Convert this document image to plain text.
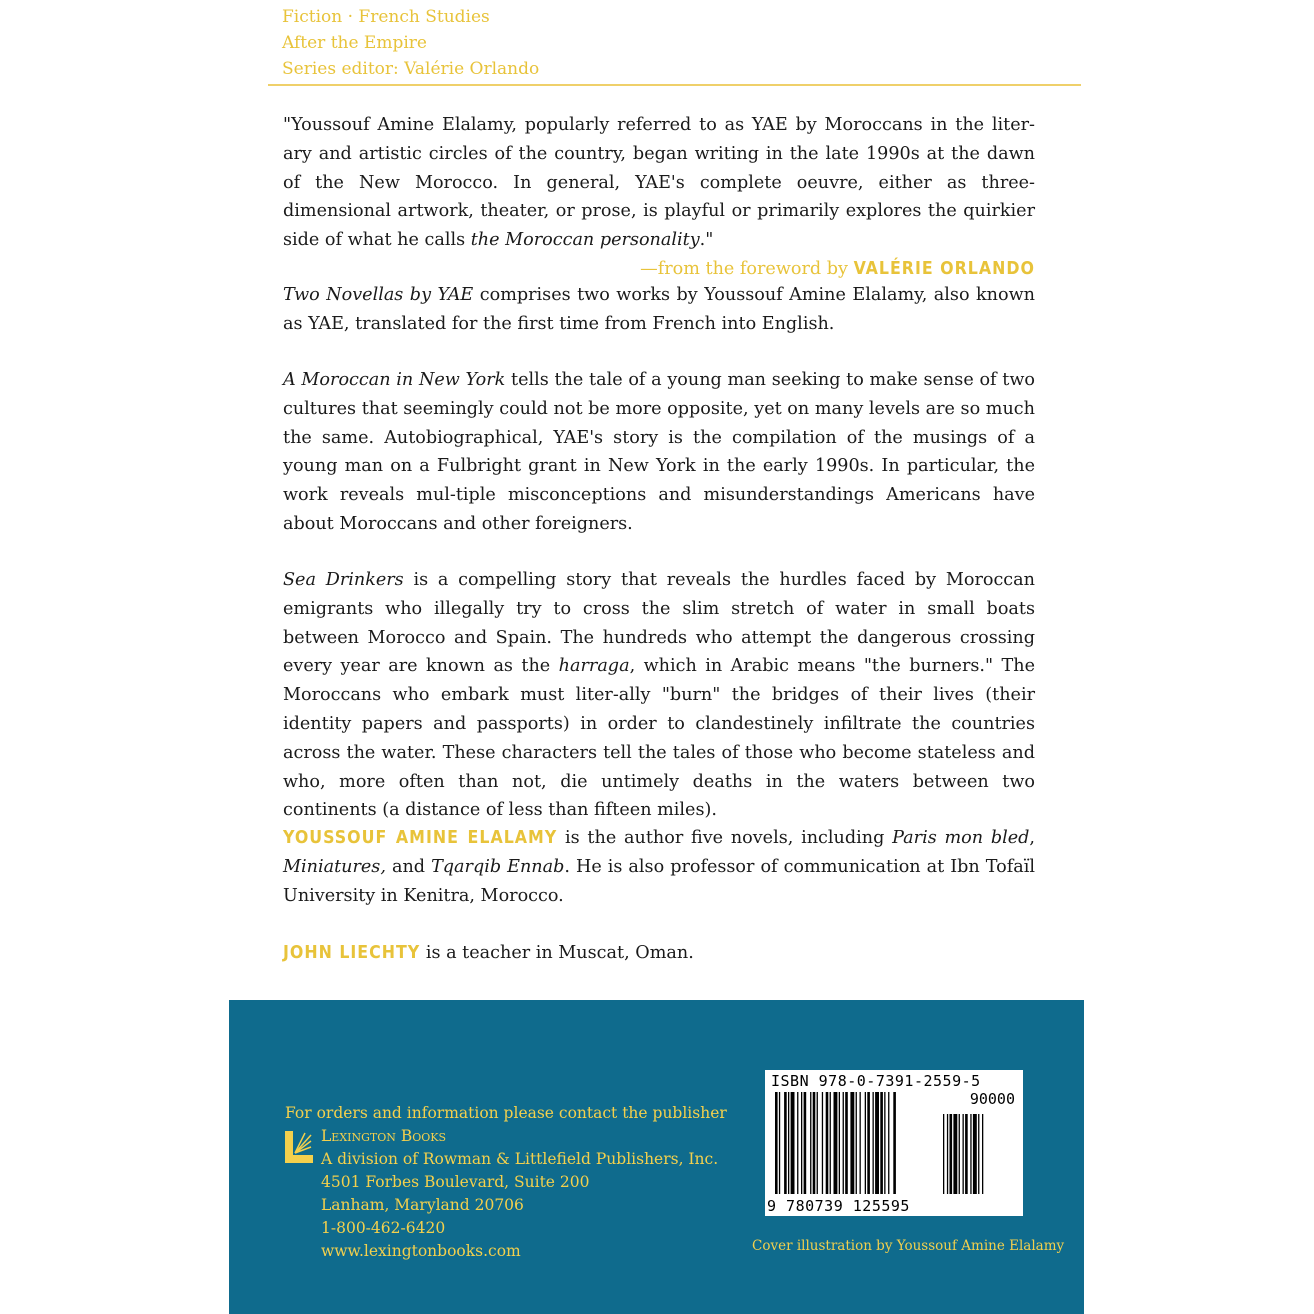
Fiction · French Studies
After the Empire
Series editor: Valérie Orlando

"Youssouf Amine Elalamy, popularly referred to as YAE by Moroccans in the liter-ary and artistic circles of the country, began writing in the late 1990s at the dawn of the New Morocco. In general, YAE's complete oeuvre, either as three-dimensional artwork, theater, or prose, is playful or primarily explores the quirkier side of what he calls the Moroccan personality."
—from the foreword by VALÉRIE ORLANDO

Two Novellas by YAE comprises two works by Youssouf Amine Elalamy, also known as YAE, translated for the first time from French into English.

A Moroccan in New York tells the tale of a young man seeking to make sense of two cultures that seemingly could not be more opposite, yet on many levels are so much the same. Autobiographical, YAE's story is the compilation of the musings of a young man on a Fulbright grant in New York in the early 1990s. In particular, the work reveals mul-tiple misconceptions and misunderstandings Americans have about Moroccans and other foreigners.

Sea Drinkers is a compelling story that reveals the hurdles faced by Moroccan emigrants who illegally try to cross the slim stretch of water in small boats between Morocco and Spain. The hundreds who attempt the dangerous crossing every year are known as the harraga, which in Arabic means "the burners." The Moroccans who embark must liter-ally "burn" the bridges of their lives (their identity papers and passports) in order to clandestinely infiltrate the countries across the water. These characters tell the tales of those who become stateless and who, more often than not, die untimely deaths in the waters between two continents (a distance of less than fifteen miles).

YOUSSOUF AMINE ELALAMY is the author five novels, including Paris mon bled, Miniatures, and Tqarqib Ennab. He is also professor of communication at Ibn Tofaïl University in Kenitra, Morocco.

JOHN LIECHTY is a teacher in Muscat, Oman.

For orders and information please contact the publisher
Lexington Books
A division of Rowman & Littlefield Publishers, Inc.
4501 Forbes Boulevard, Suite 200
Lanham, Maryland 20706
1-800-462-6420
www.lexingtonbooks.com
ISBN 978-0-7391-2559-5
90000
9 780739 125595
Cover illustration by Youssouf Amine Elalamy
